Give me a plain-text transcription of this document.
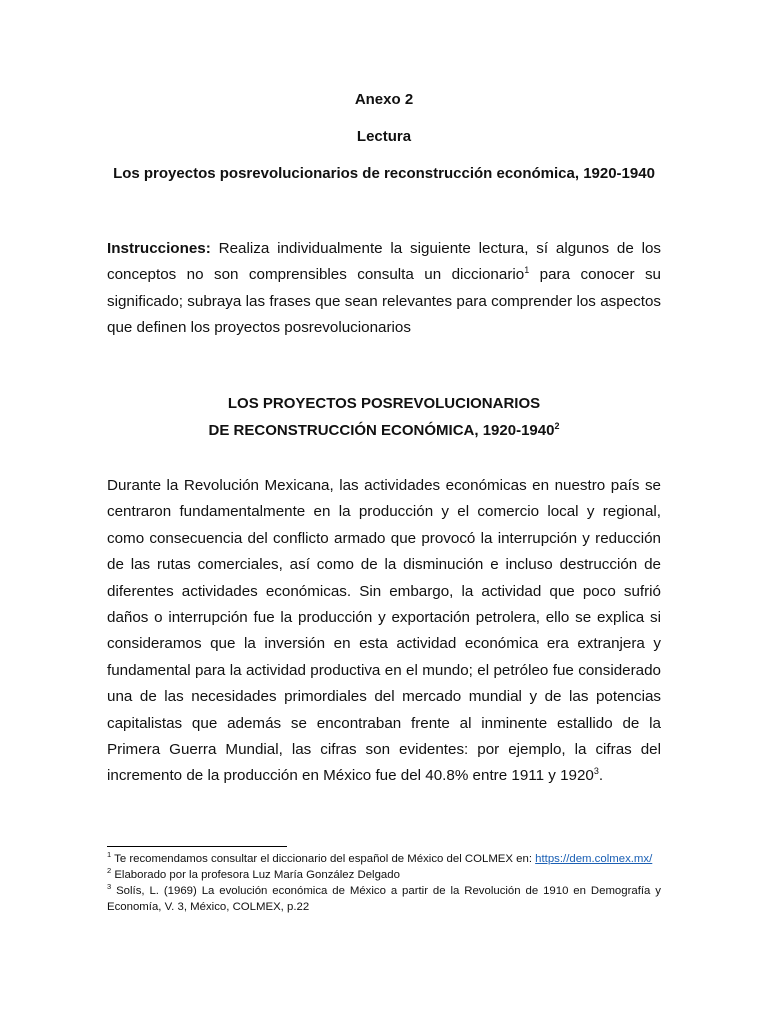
Anexo 2
Lectura
Los proyectos posrevolucionarios de reconstrucción económica, 1920-1940
Instrucciones: Realiza individualmente la siguiente lectura, sí algunos de los conceptos no son comprensibles consulta un diccionario$^1$ para conocer su significado; subraya las frases que sean relevantes para comprender los aspectos que definen los proyectos posrevolucionarios
LOS PROYECTOS POSREVOLUCIONARIOS
DE RECONSTRUCCIÓN ECONÓMICA, 1920-1940$^2$
Durante la Revolución Mexicana, las actividades económicas en nuestro país se centraron fundamentalmente en la producción y el comercio local y regional, como consecuencia del conflicto armado que provocó la interrupción y reducción de las rutas comerciales, así como de la disminución e incluso destrucción de diferentes actividades económicas. Sin embargo, la actividad que poco sufrió daños o interrupción fue la producción y exportación petrolera, ello se explica si consideramos que la inversión en esta actividad económica era extranjera y fundamental para la actividad productiva en el mundo; el petróleo fue considerado una de las necesidades primordiales del mercado mundial y de las potencias capitalistas que además se encontraban frente al inminente estallido de la Primera Guerra Mundial, las cifras son evidentes: por ejemplo, la cifras del incremento de la producción en México fue del 40.8% entre 1911 y 1920$^3$.
$^1$ Te recomendamos consultar el diccionario del español de México del COLMEX en: https://dem.colmex.mx/
$^2$ Elaborado por la profesora Luz María González Delgado
$^3$ Solís, L. (1969) La evolución económica de México a partir de la Revolución de 1910 en Demografía y Economía, V. 3, México, COLMEX, p.22
